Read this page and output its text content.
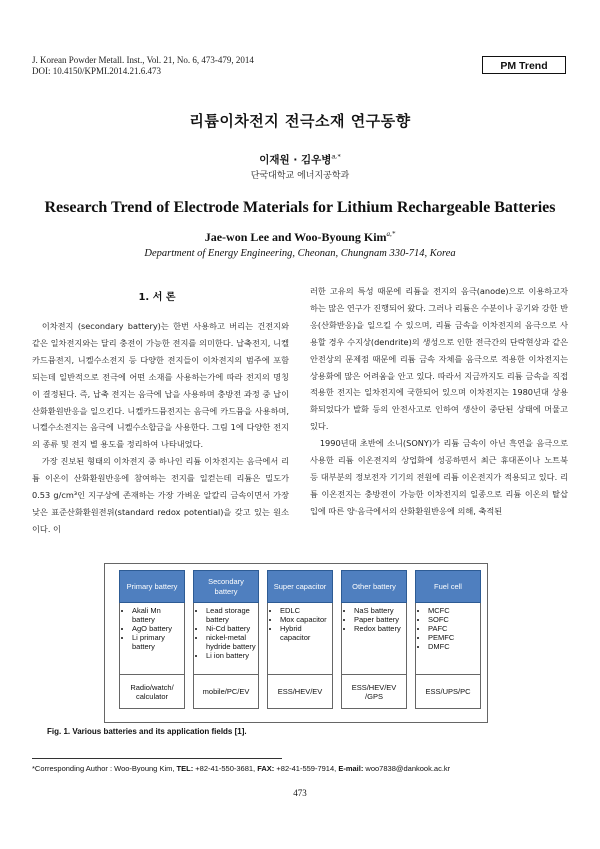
J. Korean Powder Metall. Inst., Vol. 21, No. 6, 473-479, 2014
DOI: 10.4150/KPMI.2014.21.6.473	PM Trend
리튬이차전지 전극소재 연구동향
이재원 · 김우병$^{a,*}$
단국대학교 에너지공학과
Research Trend of Electrode Materials for Lithium Rechargeable Batteries
Jae-won Lee and Woo-Byoung Kim$^{a,*}$
Department of Energy Engineering, Cheonan, Chungnam 330-714, Korea
1. 서 론

이차전지 (secondary battery)는 한번 사용하고 버리는 건전지와 같은 일차전지와는 달리 충전이 가능한 전지를 의미한다. 납축전지, 니켈카드뮴전지, 니켈수소전지 등 다양한 전지들이 이차전지의 범주에 포함되는데 일반적으로 전극에 어떤 소재를 사용하는가에 따라 전지의 명칭이 결정된다. 즉, 납축 전지는 음극에 납을 사용하며 충방전 과정 중 납이 산화환원반응을 일으킨다. 니켈카드뮴전지는 음극에 카드뮴을 사용하며, 니켈수소전지는 음극에 니켈수소합금을 사용한다. 그림 1에 다양한 전지의 종류 및 전지 별 용도를 정리하여 나타내었다.

가장 진보된 형태의 이차전지 중 하나인 리튬 이차전지는 음극에서 리튬 이온이 산화환원반응에 참여하는 전지를 일컫는데 리튬은 밀도가 0.53 g/cm³인 지구상에 존재하는 가장 가벼운 알칼리 금속이면서 가장 낮은 표준산화환원전위(standard redox potential)을 갖고 있는 원소이다. 이

러한 고유의 특성 때문에 리튬을 전지의 음극(anode)으로 이용하고자 하는 많은 연구가 진행되어 왔다. 그러나 리튬은 수분이나 공기와 강한 반응(산화반응)을 일으킬 수 있으며, 리튬 금속을 이차전지의 음극으로 사용할 경우 수지상(dendrite)의 생성으로 인한 전극간의 단락현상과 같은 안전상의 문제점 때문에 리튬 금속 자체를 음극으로 적용한 이차전지는 상용화에 많은 어려움을 안고 있다. 따라서 지금까지도 리튬 금속을 직접 적용한 전지는 일차전지에 국한되어 있으며 이차전지는 1980년대 상용화되었다가 발화 등의 안전사고로 인하여 생산이 중단된 상태에 머물고 있다.

1990년대 초반에 소니(SONY)가 리튬 금속이 아닌 흑연을 음극으로 사용한 리튬 이온전지의 상업화에 성공하면서 최근 휴대폰이나 노트북 등 대부분의 정보전자 기기의 전원에 리튬 이온전지가 적용되고 있다. 리튬 이온전지는 충방전이 가능한 이차전지의 일종으로 리튬 이온의 탈삽입에 따른 양·음극에서의 산화환원반응에 의해, 축적된

Primary battery
• Akali Mn battery
• AgO battery
• Li primary battery
Radio/watch/ calculator
Secondary battery
• Lead storage battery
• Ni-Cd battery
• nickel-metal hydride battery
• Li ion battery
mobile/PC/EV
Super capacitor
• EDLC
• Mox capacitor
• Hybrid capacitor
ESS/HEV/EV
Other battery
• NaS battery
• Paper battery
• Redox battery
ESS/HEV/EV /GPS
Fuel cell
• MCFC
• SOFC
• PAFC
• PEMFC
• DMFC
ESS/UPS/PC
Fig. 1. Various batteries and its application fields [1].
*Corresponding Author : Woo-Byoung Kim, TEL: +82-41-550-3681, FAX: +82-41-559-7914, E-mail: woo7838@dankook.ac.kr
473
